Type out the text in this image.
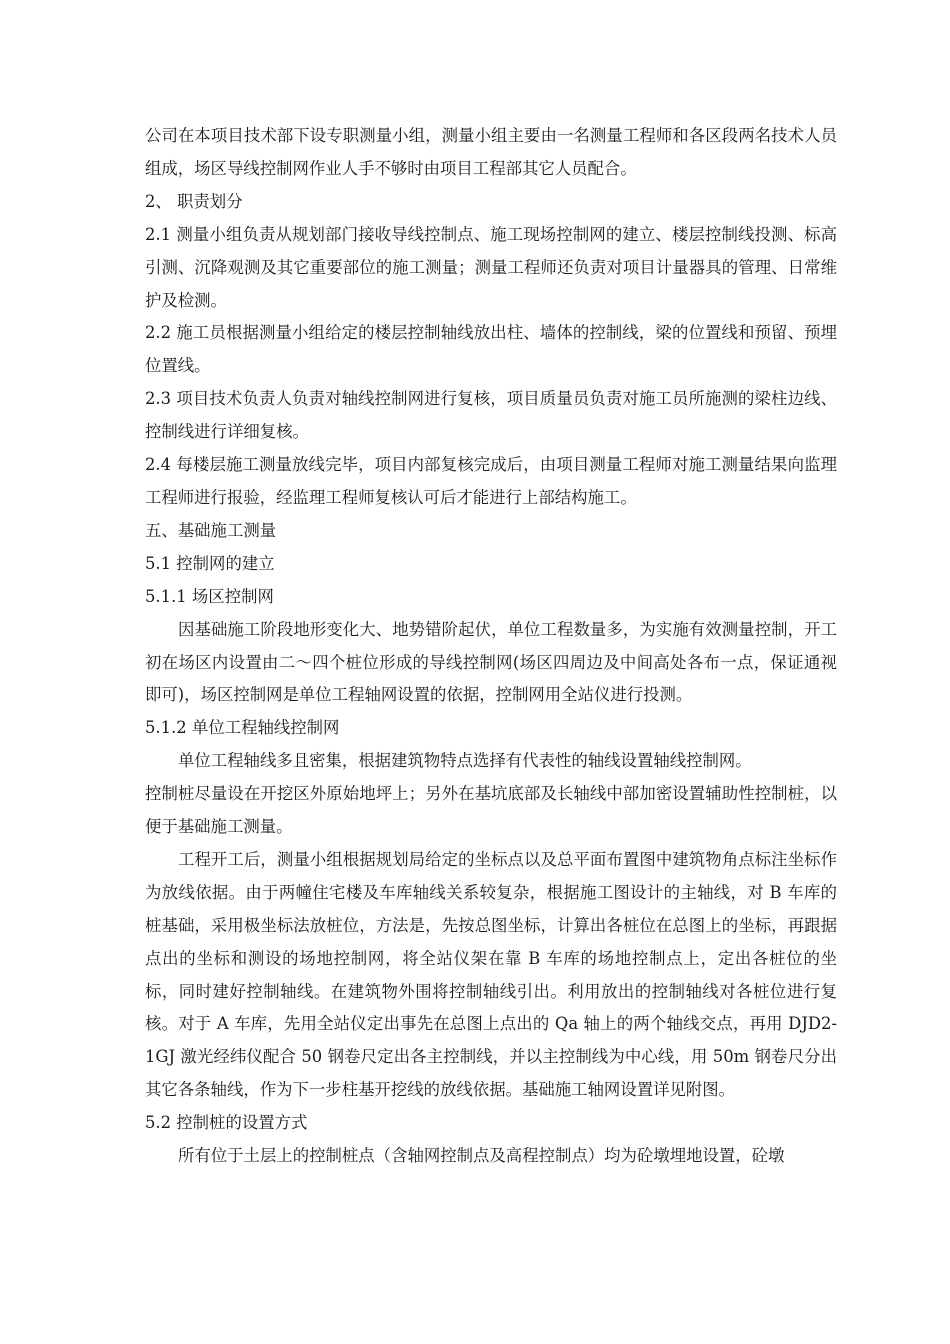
公司在本项目技术部下设专职测量小组，测量小组主要由一名测量工程师和各区段两名技术人员组成，场区导线控制网作业人手不够时由项目工程部其它人员配合。

2、 职责划分

2.1 测量小组负责从规划部门接收导线控制点、施工现场控制网的建立、楼层控制线投测、标高引测、沉降观测及其它重要部位的施工测量；测量工程师还负责对项目计量器具的管理、日常维护及检测。

2.2 施工员根据测量小组给定的楼层控制轴线放出柱、墙体的控制线，梁的位置线和预留、预埋位置线。

2.3 项目技术负责人负责对轴线控制网进行复核，项目质量员负责对施工员所施测的梁柱边线、控制线进行详细复核。

2.4 每楼层施工测量放线完毕，项目内部复核完成后，由项目测量工程师对施工测量结果向监理工程师进行报验，经监理工程师复核认可后才能进行上部结构施工。

五、基础施工测量

5.1 控制网的建立

5.1.1 场区控制网

因基础施工阶段地形变化大、地势错阶起伏，单位工程数量多，为实施有效测量控制，开工初在场区内设置由二～四个桩位形成的导线控制网(场区四周边及中间高处各布一点，保证通视即可)，场区控制网是单位工程轴网设置的依据，控制网用全站仪进行投测。

5.1.2 单位工程轴线控制网

单位工程轴线多且密集，根据建筑物特点选择有代表性的轴线设置轴线控制网。

控制桩尽量设在开挖区外原始地坪上；另外在基坑底部及长轴线中部加密设置辅助性控制桩，以便于基础施工测量。

工程开工后，测量小组根据规划局给定的坐标点以及总平面布置图中建筑物角点标注坐标作为放线依据。由于两幢住宅楼及车库轴线关系较复杂，根据施工图设计的主轴线，对 B 车库的桩基础，采用极坐标法放桩位，方法是，先按总图坐标，计算出各桩位在总图上的坐标，再跟据点出的坐标和测设的场地控制网，将全站仪架在靠 B 车库的场地控制点上，定出各桩位的坐标，同时建好控制轴线。在建筑物外围将控制轴线引出。利用放出的控制轴线对各桩位进行复核。对于 A 车库，先用全站仪定出事先在总图上点出的 Qa 轴上的两个轴线交点，再用 DJD2-1GJ 激光经纬仪配合 50 钢卷尺定出各主控制线，并以主控制线为中心线，用 50m 钢卷尺分出其它各条轴线，作为下一步柱基开挖线的放线依据。基础施工轴网设置详见附图。

5.2 控制桩的设置方式

所有位于土层上的控制桩点（含轴网控制点及高程控制点）均为砼墩埋地设置，砼墩
